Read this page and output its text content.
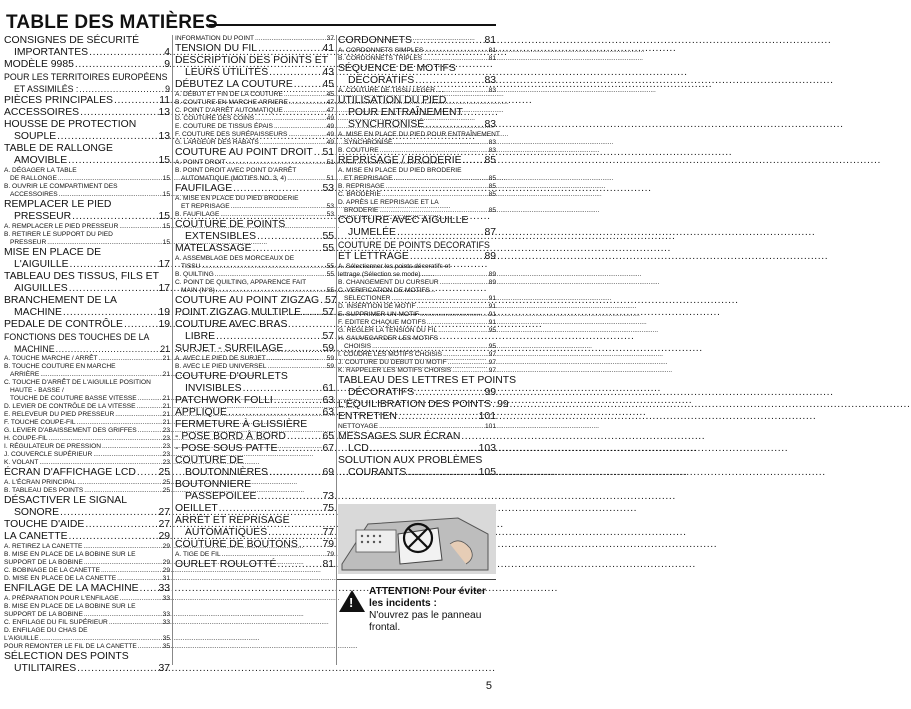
TABLE DES MATIÈRES
CONSIGNES DE SÉCURITÉ
IMPORTANTES .....	4
MODÈLE 9985 .....	9
POUR LES TERRITOIRES EUROPÉENS
ET ASSIMILÉS : .....	9
PIÈCES PRINCIPALES .....	11
ACCESSOIRES .....	13
HOUSSE DE PROTECTION
SOUPLE .....	13
TABLE DE RALLONGE
AMOVIBLE .....	15
A. DÉGAGER LA TABLE
DE RALLONGE .....	15
B. OUVRIR LE COMPARTIMENT DES
ACCESSOIRES .....	15
REMPLACER LE PIED
PRESSEUR .....	15
A. REMPLACER LE PIED PRESSEUR .....	15
B. RETIRER LE SUPPORT DU PIED
PRESSEUR .....	15
MISE EN PLACE DE
L'AIGUILLE .....	17
TABLEAU DES TISSUS, FILS ET
AIGUILLES .....	17
BRANCHEMENT DE LA
MACHINE .....	19
PEDALE DE CONTRÔLE .....	19
FONCTIONS DES TOUCHES DE LA
MACHINE .....	21
A. TOUCHE MARCHE / ARRÊT .....	21
B. TOUCHE COUTURE EN MARCHE
ARRIÈRE .....	21
C. TOUCHE D'ARRÊT DE L'AIGUILLE POSITION
HAUTE - BASSE /
TOUCHE DE COUTURE BASSE VITESSE .....	21
D. LEVIER DE CONTRÔLE DE LA VITESSE .....	21
E. RELEVEUR DU PIED PRESSEUR .....	21
F. TOUCHE COUPE-FIL .....	21
G. LEVIER D'ABAISSEMENT DES GRIFFES .....	23
H. COUPE-FIL .....	23
I. RÉGULATEUR DE PRESSION .....	23
J. COUVERCLE SUPÉRIEUR .....	23
K. VOLANT .....	23
ÉCRAN D'AFFICHAGE LCD ..... 25
A. L'ÉCRAN PRINCIPAL .....	25
B. TABLEAU DES POINTS .....	25
DÉSACTIVER LE SIGNAL
SONORE .....	27
TOUCHE D'AIDE .....	27
LA CANETTE .....	29
A. RETIREZ LA CANETTE .....	29
B. MISE EN PLACE DE LA BOBINE SUR LE
SUPPORT DE LA BOBINE .....	29
C. BOBINAGE DE LA CANETTE .....	29
D. MISE EN PLACE DE LA CANETTE .....	31
ENFILAGE DE LA MACHINE ..... 33
A. PRÉPARATION POUR L'ENFILAGE .....	33
B. MISE EN PLACE DE LA BOBINE SUR LE
SUPPORT DE LA BOBINE .....	33
C. ENFILAGE DU FIL SUPÉRIEUR .....	33
D. ENFILAGE DU CHAS DE
L'AIGUILLE .....	35
POUR REMONTER LE FIL DE LA CANETTE .....	35
SÉLECTION DES POINTS
UTILITAIRES .....	37
INFORMATION DU POINT .....	37
TENSION DU FIL .....	41
DESCRIPTION DES POINTS ET
LEURS UTILITÉS .....	43
DÉBUTEZ LA COUTURE .....	45
A. DÉBUT ET FIN DE LA COUTURE .....	45
B. COUTURE EN MARCHE ARRIERE .....	47
C. POINT D'ARRÊT AUTOMATIQUE .....	47
D. COUTURE DES COINS .....	49
E. COUTURE DE TISSUS ÉPAIS .....	49
F. COUTURE DES SURÉPAISSEURS .....	49
G. LARGEUR DES RABATS .....	49
COUTURE AU POINT DROIT ..... 51
A. POINT DROIT .....	51
B. POINT DROIT AVEC POINT D'ARRÊT
AUTOMATIQUE (MOTIFS NO. 3, 4) .....	51
FAUFILAGE .....	53
A. MISE EN PLACE DU PIED BRODERIE
ET REPRISAGE .....	53
B. FAUFILAGE .....	53
COUTURE DE POINTS
EXTENSIBLES .....	55
MATELASSAGE .....	55
A. ASSEMBLAGE DES MORCEAUX DE
TISSU .....	55
B. QUILTING .....	55
C. POINT DE QUILTING, APPARENCE FAIT
MAIN (N°8) .....	55
COUTURE AU POINT ZIGZAG ..... 57
POINT ZIGZAG MULTIPLE ..... 57
COUTURE AVEC BRAS
LIBRE .....	57
SURJET - SURFILAGE .....	59
A. AVEC LE PIED DE SURJET .....	59
B. AVEC LE PIED UNIVERSEL .....	59
COUTURE D'OURLETS
INVISIBLES .....	61
PATCHWORK FOLLI .....	63
APPLIQUE .....	63
FERMETURE À GLISSIÈRE
- POSE BORD À BORD .....	65
- POSE SOUS PATTE .....	67
COUTURE DE
BOUTONNIÈRES .....	69
BOUTONNIERE
PASSEPOILEE .....	73
OEILLET .....	75
ARRÊT ET REPRISAGE
AUTOMATIQUES .....	77
COUTURE DE BOUTONS ..... 79
A. TIGE DE FIL .....	79
OURLET ROULOTTÉ .....	81
CORDONNETS .....	81
A. CORDONNETS SIMPLES .....	81
B. CORDONNETS TRIPLES .....	81
SÉQUENCE DE MOTIFS
DÉCORATIFS .....	83
A. COUTURE DE TISSU LEGER .....	83
UTILISATION DU PIED
POUR ENTRAÎNEMENT
SYNCHRONISÉ .....	83
A. MISE EN PLACE DU PIED POUR ENTRAÎNEMENT
SYNCHRONISÉ .....	83
B. COUTURE .....	83
REPRISAGE / BRODERIE ..... 85
A. MISE EN PLACE DU PIED BRODERIE
ET REPRISAGE .....	85
B. REPRISAGE .....	85
C. BRODERIE .....	85
D. APRÈS LE REPRISAGE ET LA
BRODERIE .....	85
COUTURE AVEC AIGUILLE
JUMELÉE .....	87
COUTURE DE POINTS DECORATIFS
ET LETTRAGE .....	89
A. Sélectionner les points décoratifs et
lettrage (Sélection se mode) .....	89
B. CHANGEMENT DU CURSEUR .....	89
C. VERIFICATION DE MOTIFS
SELECTIONER .....	91
D. INSERTION DE MOTIF .....	91
E. SUPPRIMER UN MOTIF .....	91
F. EDITER CHAQUE MOTIFS .....	91
G. REGLER LA TENSION DU FIL .....	95
H. SAUVEGARDER LES MOTIFS
CHOISIS .....	95
I. COUDRE LES MOTIFS CHOISIS .....	97
J. COUTURE DU DEBUT DU MOTIF .....	97
K. RAPPELER LES MOTIFS CHOISIS .....	97
TABLEAU DES LETTRES ET POINTS
DÉCORATIFS .....	99
L'ÉQUILIBRATION DES POINTS ..... 99
ENTRETIEN .....	101
NETTOYAGE .....	101
MESSAGES SUR ÉCRAN
LCD .....	103
SOLUTION AUX PROBLÈMES
COURANTS .....	105
!
ATTENTION! Pour éviter les incidents :
N'ouvrez pas le panneau frontal.
5
